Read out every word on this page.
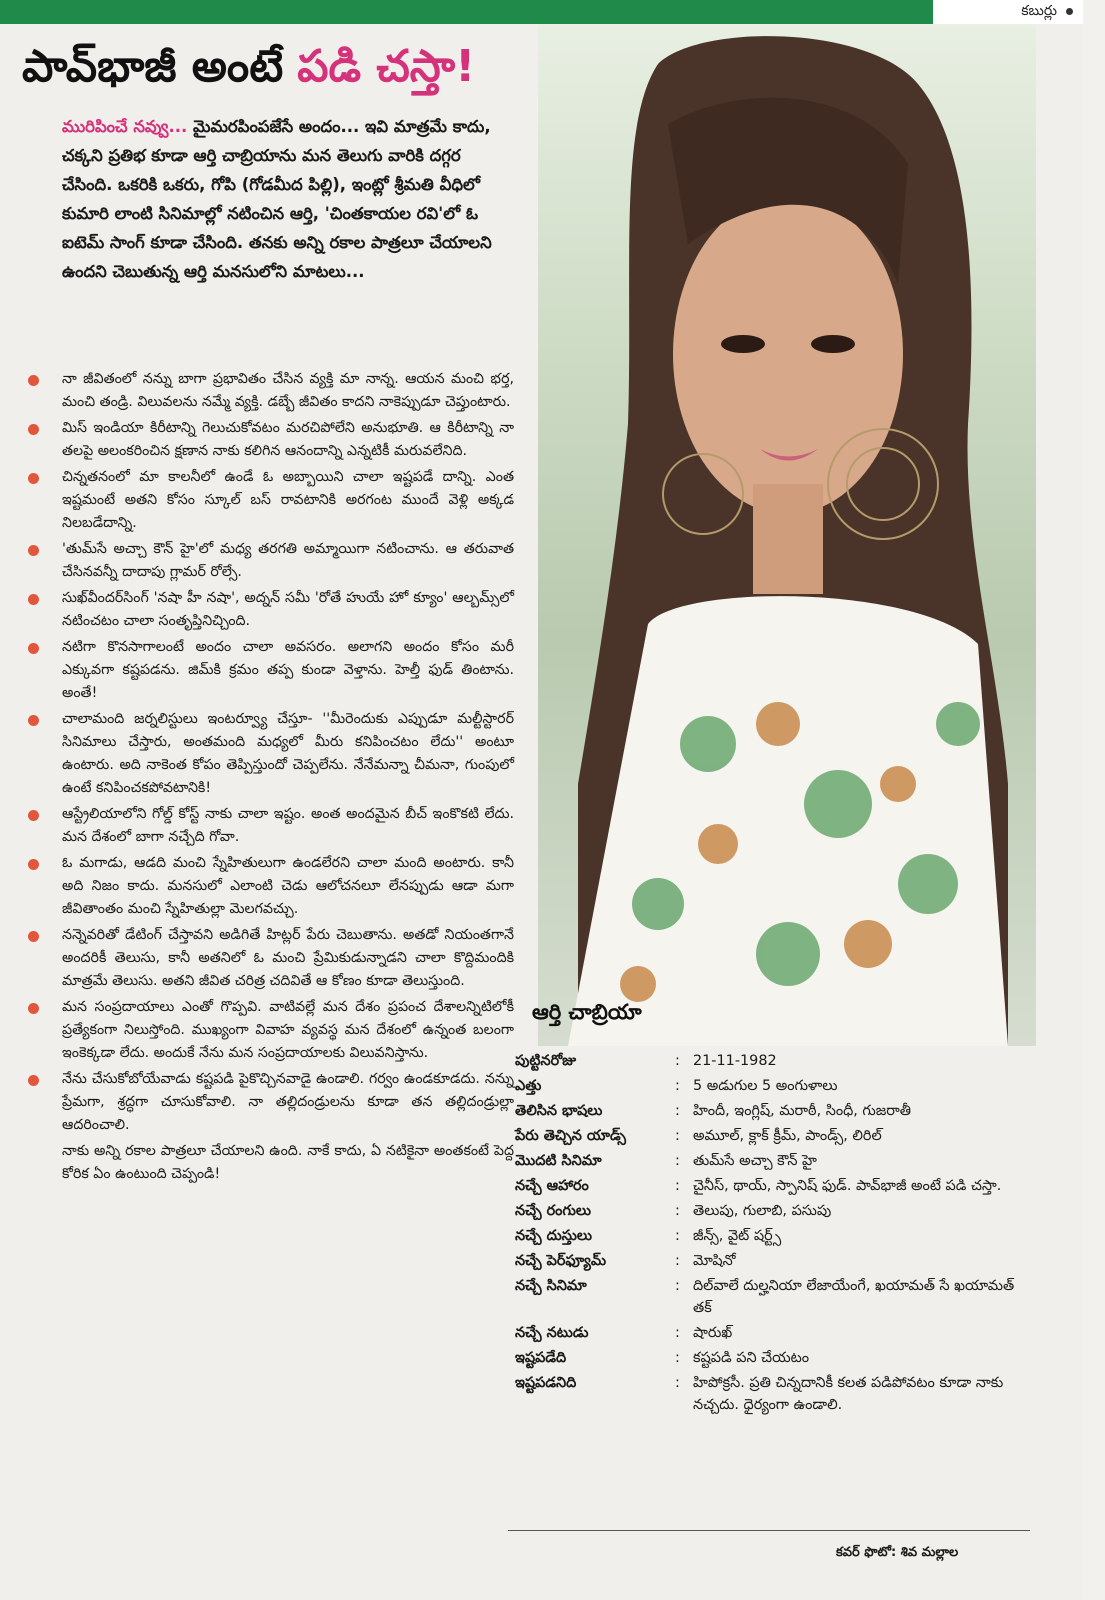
కబుర్లు
పావ్‌భాజీ అంటే పడి చస్తా!
ఆర్తి చాబ్రియా
మురిపించే నవ్వు... మైమరపింపజేసే అందం... ఇవి మాత్రమే కాదు, చక్కని ప్రతిభ కూడా ఆర్తి చాబ్రియాను మన తెలుగు వారికి దగ్గర చేసింది. ఒకరికి ఒకరు, గోపి (గోడమీద పిల్లి), ఇంట్లో శ్రీమతి వీధిలో కుమారి లాంటి సినిమాల్లో నటించిన ఆర్తి, 'చింతకాయల రవి'లో ఓ ఐటెమ్ సాంగ్ కూడా చేసింది. తనకు అన్ని రకాల పాత్రలూ చేయాలని ఉందని చెబుతున్న ఆర్తి మనసులోని మాటలు...
నా జీవితంలో నన్ను బాగా ప్రభావితం చేసిన వ్యక్తి మా నాన్న. ఆయన మంచి భర్త, మంచి తండ్రి. విలువలను నమ్మే వ్యక్తి. డబ్బే జీవితం కాదని నాకెప్పుడూ చెప్తుంటారు.
మిస్ ఇండియా కిరీటాన్ని గెలుచుకోవటం మరచిపోలేని అనుభూతి. ఆ కిరీటాన్ని నా తలపై అలంకరించిన క్షణాన నాకు కలిగిన ఆనందాన్ని ఎన్నటికీ మరువలేనిది.
చిన్నతనంలో మా కాలనీలో ఉండే ఓ అబ్బాయిని చాలా ఇష్టపడే దాన్ని. ఎంత ఇష్టమంటే అతని కోసం స్కూల్ బస్ రావటానికి అరగంట ముందే వెళ్లి అక్కడ నిలబడేదాన్ని.
'తుమ్‌సే అచ్చా కౌన్ హై'లో మధ్య తరగతి అమ్మాయిగా నటించాను. ఆ తరువాత చేసినవన్నీ దాదాపు గ్లామర్ రోల్సే.
సుఖ్‌వీందర్‌సింగ్ 'నషా హీ నషా', అద్నన్ సమీ 'రోతే హుయే హో క్యూం' ఆల్బమ్స్‌లో నటించటం చాలా సంతృప్తినిచ్చింది.
నటిగా కొనసాగాలంటే అందం చాలా అవసరం. అలాగని అందం కోసం మరీ ఎక్కువగా కష్టపడను. జిమ్‌కి క్రమం తప్ప కుండా వెళ్తాను. హెల్తీ ఫుడ్ తింటాను. అంతే!
చాలామంది జర్నలిస్టులు ఇంటర్వ్యూ చేస్తూ- ''మీరెందుకు ఎప్పుడూ మల్టీస్టారర్ సినిమాలు చేస్తారు, అంతమంది మధ్యలో మీరు కనిపించటం లేదు'' అంటూ ఉంటారు. అది నాకెంత కోపం తెప్పిస్తుందో చెప్పలేను. నేనేమన్నా చీమనా, గుంపులో ఉంటే కనిపించకపోవటానికి!
ఆస్ట్రేలియాలోని గోల్డ్ కోస్ట్ నాకు చాలా ఇష్టం. అంత అందమైన బీచ్ ఇంకొకటి లేదు. మన దేశంలో బాగా నచ్చేది గోవా.
ఓ మగాడు, ఆడది మంచి స్నేహితులుగా ఉండలేరని చాలా మంది అంటారు. కానీ అది నిజం కాదు. మనసులో ఎలాంటి చెడు ఆలోచనలూ లేనప్పుడు ఆడా మగా జీవితాంతం మంచి స్నేహితుల్లా మెలగవచ్చు.
నన్నెవరితో డేటింగ్ చేస్తావని అడిగితే హిట్లర్ పేరు చెబుతాను. అతడో నియంతగానే అందరికీ తెలుసు, కానీ అతనిలో ఓ మంచి ప్రేమికుడున్నాడని చాలా కొద్దిమందికి మాత్రమే తెలుసు. అతని జీవిత చరిత్ర చదివితే ఆ కోణం కూడా తెలుస్తుంది.
మన సంప్రదాయాలు ఎంతో గొప్పవి. వాటివల్లే మన దేశం ప్రపంచ దేశాలన్నిటిలోకీ ప్రత్యేకంగా నిలుస్తోంది. ముఖ్యంగా వివాహ వ్యవస్థ మన దేశంలో ఉన్నంత బలంగా ఇంకెక్కడా లేదు. అందుకే నేను మన సంప్రదాయాలకు విలువనిస్తాను.
నేను చేసుకోబోయేవాడు కష్టపడి పైకొచ్చినవాడై ఉండాలి. గర్వం ఉండకూడదు. నన్ను ప్రేమగా, శ్రద్ధగా చూసుకోవాలి. నా తల్లిదండ్రులను కూడా తన తల్లిదండ్రుల్లా ఆదరించాలి.
నాకు అన్ని రకాల పాత్రలూ చేయాలని ఉంది. నాకే కాదు, ఏ నటికైనా అంతకంటే పెద్ద కోరిక ఏం ఉంటుంది చెప్పండి!
పుట్టినరోజు	: 21-11-1982
ఎత్తు	: 5 అడుగుల 5 అంగుళాలు
తెలిసిన భాషలు	: హిందీ, ఇంగ్లిష్, మరాఠీ, సింధీ, గుజరాతీ
పేరు తెచ్చిన యాడ్స్	: అమూల్, క్లాక్ క్రీమ్, పాండ్స్, లిరిల్
మొదటి సినిమా	: తుమ్‌సే అచ్చా కౌన్ హై
నచ్చే ఆహారం	: చైనీస్, థాయ్, స్పానిష్ ఫుడ్. పావ్‌భాజీ అంటే పడి చస్తా.
నచ్చే రంగులు	: తెలుపు, గులాబి, పసుపు
నచ్చే దుస్తులు	: జీన్స్, వైట్ షర్ట్స్
నచ్చే పెర్‌ఫ్యూమ్	: మోషినో
నచ్చే సినిమా	: దిల్‌వాలే దుల్హనియా లేజాయేంగే, ఖయామత్ సే ఖయామత్ తక్
నచ్చే నటుడు	: షారుఖ్
ఇష్టపడేది	: కష్టపడి పని చేయటం
ఇష్టపడనిది	: హిపోక్రసీ. ప్రతి చిన్నదానికీ కలత పడిపోవటం కూడా నాకు నచ్చదు. ధైర్యంగా ఉండాలి.
కవర్ ఫొటో: శివ మల్లాల
